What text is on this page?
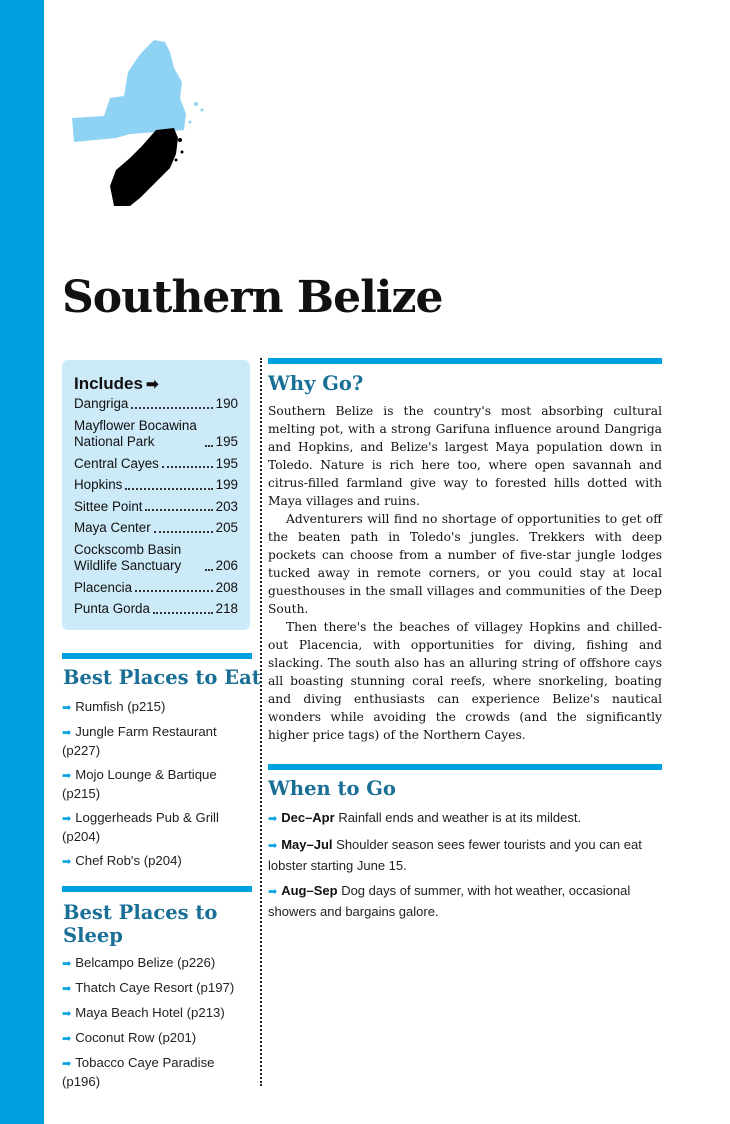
Southern Belize
Includes ➡
Dangriga	190
Mayflower Bocawina National Park	195
Central Cayes	195
Hopkins	199
Sittee Point	203
Maya Center	205
Cockscomb Basin Wildlife Sanctuary	206
Placencia	208
Punta Gorda	218
Best Places to Eat
➡ Rumfish (p215)
➡ Jungle Farm Restaurant (p227)
➡ Mojo Lounge & Bartique (p215)
➡ Loggerheads Pub & Grill (p204)
➡ Chef Rob's (p204)
Best Places to Sleep
➡ Belcampo Belize (p226)
➡ Thatch Caye Resort (p197)
➡ Maya Beach Hotel (p213)
➡ Coconut Row (p201)
➡ Tobacco Caye Paradise (p196)
Why Go?

Southern Belize is the country's most absorbing cultural melting pot, with a strong Garifuna influence around Dangriga and Hopkins, and Belize's largest Maya population down in Toledo. Nature is rich here too, where open savannah and citrus-filled farmland give way to forested hills dotted with Maya villages and ruins.

Adventurers will find no shortage of opportunities to get off the beaten path in Toledo's jungles. Trekkers with deep pockets can choose from a number of five-star jungle lodges tucked away in remote corners, or you could stay at local guesthouses in the small villages and communities of the Deep South.

Then there's the beaches of villagey Hopkins and chilled-out Placencia, with opportunities for diving, fishing and slacking. The south also has an alluring string of offshore cays all boasting stunning coral reefs, where snorkeling, boating and diving enthusiasts can experience Belize's nautical wonders while avoiding the crowds (and the significantly higher price tags) of the Northern Cayes.

When to Go
➡ Dec–Apr Rainfall ends and weather is at its mildest.
➡ May–Jul Shoulder season sees fewer tourists and you can eat lobster starting June 15.
➡ Aug–Sep Dog days of summer, with hot weather, occasional showers and bargains galore.
